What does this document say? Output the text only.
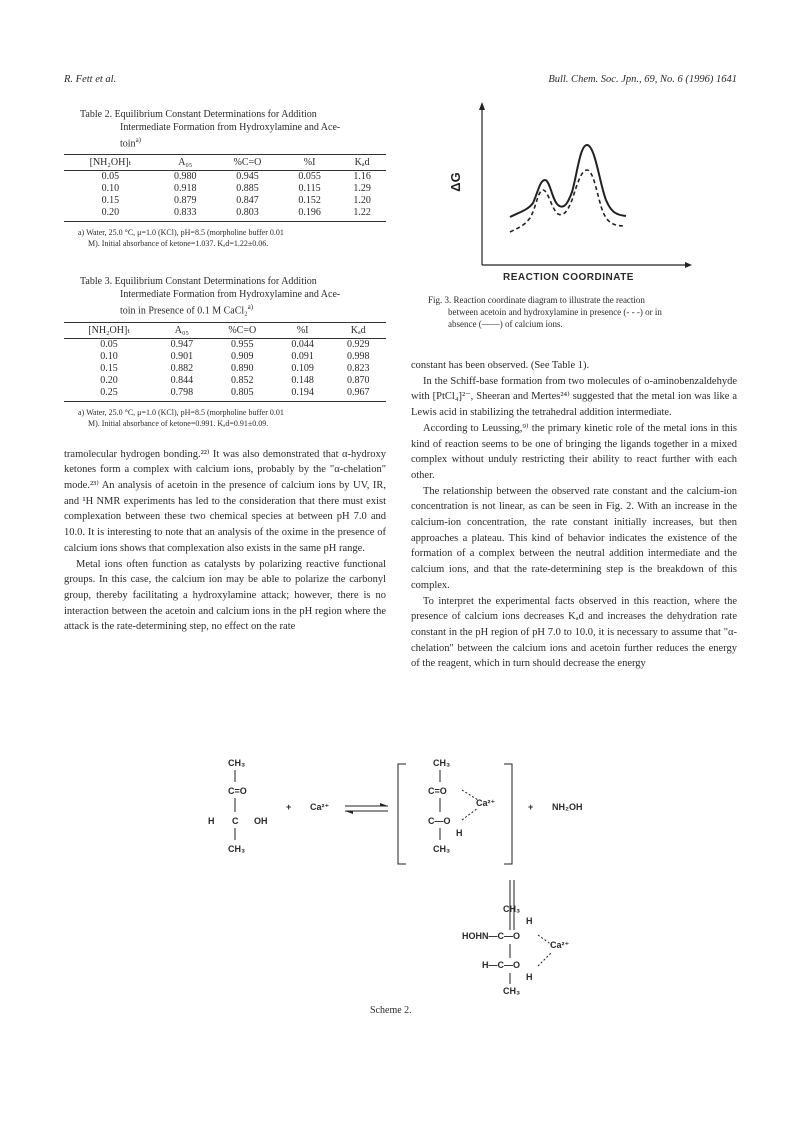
R. Fett et al.	Bull. Chem. Soc. Jpn., 69, No. 6 (1996) 1641
Table 2. Equilibrium Constant Determinations for Addition
Intermediate Formation from Hydroxylamine and Ace-
toin$^{a)}$
[NH₂OH]ₜ	A₀₅	%C=O	%I	Kₐd
0.05	0.980	0.945	0.055	1.16
0.10	0.918	0.885	0.115	1.29
0.15	0.879	0.847	0.152	1.20
0.20	0.833	0.803	0.196	1.22
a) Water, 25.0 °C, μ=1.0 (KCl), pH=8.5 (morpholine buffer 0.01
M). Initial absorbance of ketone=1.037. Kₐd=1.22±0.06.
Table 3. Equilibrium Constant Determinations for Addition
Intermediate Formation from Hydroxylamine and Ace-
toin in Presence of 0.1 M CaCl₂$^{a)}$
[NH₂OH]ₜ	A₀₅	%C=O	%I	Kₐd
0.05	0.947	0.955	0.044	0.929
0.10	0.901	0.909	0.091	0.998
0.15	0.882	0.890	0.109	0.823
0.20	0.844	0.852	0.148	0.870
0.25	0.798	0.805	0.194	0.967
a) Water, 25.0 °C, μ=1.0 (KCl), pH=8.5 (morpholine buffer 0.01
M). Initial absorbance of ketone=0.991. Kₐd=0.91±0.09.

tramolecular hydrogen bonding.²²⁾ It was also demonstrated that α-hydroxy ketones form a complex with calcium ions, probably by the "α-chelation" mode.²³⁾ An analysis of acetoin in the presence of calcium ions by UV, IR, and ¹H NMR experiments has led to the consideration that there must exist complexation between these two chemical species at between pH 7.0 and 10.0. It is interesting to note that an analysis of the oxime in the presence of calcium ions shows that complexation also exists in the same pH range.

Metal ions often function as catalysts by polarizing reactive functional groups. In this case, the calcium ion may be able to polarize the carbonyl group, thereby facilitating a hydroxylamine attack; however, there is no interaction between the acetoin and calcium ions in the pH region where the attack is the rate-determining step, no effect on the rate

ΔG
REACTION COORDINATE
Fig. 3. Reaction coordinate diagram to illustrate the reaction
between acetoin and hydroxylamine in presence (- - -) or in
absence (——) of calcium ions.

constant has been observed. (See Table 1).

In the Schiff-base formation from two molecules of o-aminobenzaldehyde with [PtCl₄]²⁻, Sheeran and Mertes²⁴⁾ suggested that the metal ion was like a Lewis acid in stabilizing the tetrahedral addition intermediate.

According to Leussing,⁹⁾ the primary kinetic role of the metal ions in this kind of reaction seems to be one of bringing the ligands together in a mixed complex without unduly restricting their ability to react further with each other.

The relationship between the observed rate constant and the calcium-ion concentration is not linear, as can be seen in Fig. 2. With an increase in the calcium-ion concentration, the rate constant initially increases, but then approaches a plateau. This kind of behavior indicates the existence of the formation of a complex between the neutral addition intermediate and the calcium ions, and that the rate-determining step is the breakdown of this complex.

To interpret the experimental facts observed in this reaction, where the presence of calcium ions decreases Kₐd and increases the dehydration rate constant in the pH region of pH 7.0 to 10.0, it is necessary to assume that "α-chelation" between the calcium ions and acetoin further reduces the energy of the reagent, which in turn should decrease the energy

CH₃
C=O
H C OH
CH₃
+ Ca²⁺
CH₃
C=O
Ca²⁺
C—O
H
CH₃
+ NH₂OH
CH₃
H
HOHN—C—O
Ca²⁺
H—C—O
H
CH₃
Scheme 2.
